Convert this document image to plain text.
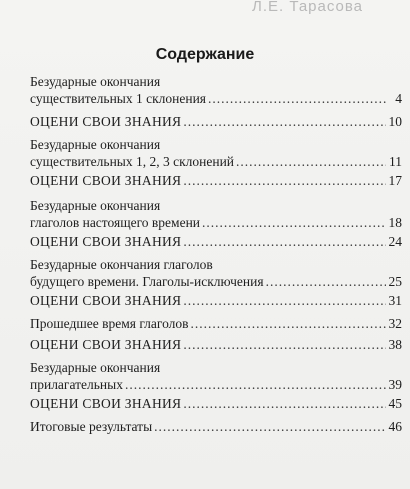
Л.Е. Тарасова
Содержание
Безударные окончания
существительных 1 склонения .....	4
ОЦЕНИ СВОИ ЗНАНИЯ .....	10
Безударные окончания
существительных 1, 2, 3 склонений .....	11
ОЦЕНИ СВОИ ЗНАНИЯ .....	17
Безударные окончания
глаголов настоящего времени .....	18
ОЦЕНИ СВОИ ЗНАНИЯ .....	24
Безударные окончания глаголов
будущего времени. Глаголы-исключения .....	25
ОЦЕНИ СВОИ ЗНАНИЯ .....	31
Прошедшее время глаголов .....	32
ОЦЕНИ СВОИ ЗНАНИЯ .....	38
Безударные окончания
прилагательных .....	39
ОЦЕНИ СВОИ ЗНАНИЯ .....	45
Итоговые результаты .....	46
